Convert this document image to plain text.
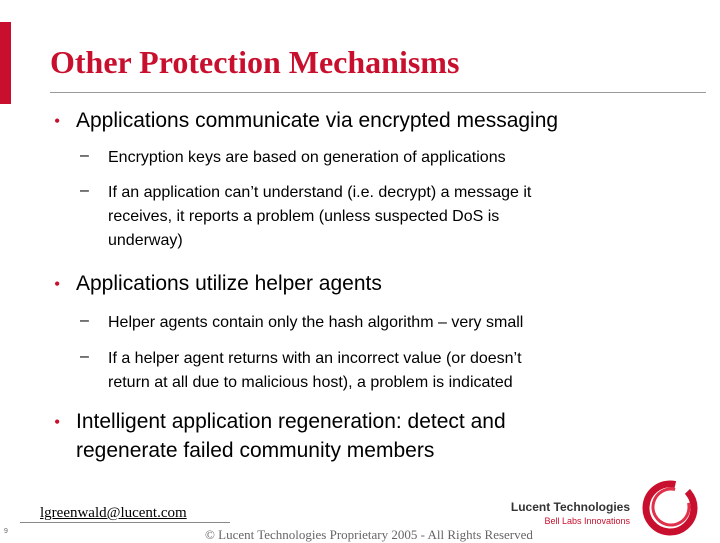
Other Protection Mechanisms
• Applications communicate via encrypted messaging
– Encryption keys are based on generation of applications
– If an application can’t understand (i.e. decrypt) a message it
receives, it reports a problem (unless suspected DoS is
underway)
• Applications utilize helper agents
– Helper agents contain only the hash algorithm – very small
– If a helper agent returns with an incorrect value (or doesn’t
return at all due to malicious host), a problem is indicated
• Intelligent application regeneration: detect and
regenerate failed community members
lgreenwald@lucent.com
9	© Lucent Technologies Proprietary 2005 - All Rights Reserved
Lucent Technologies
Bell Labs Innovations
